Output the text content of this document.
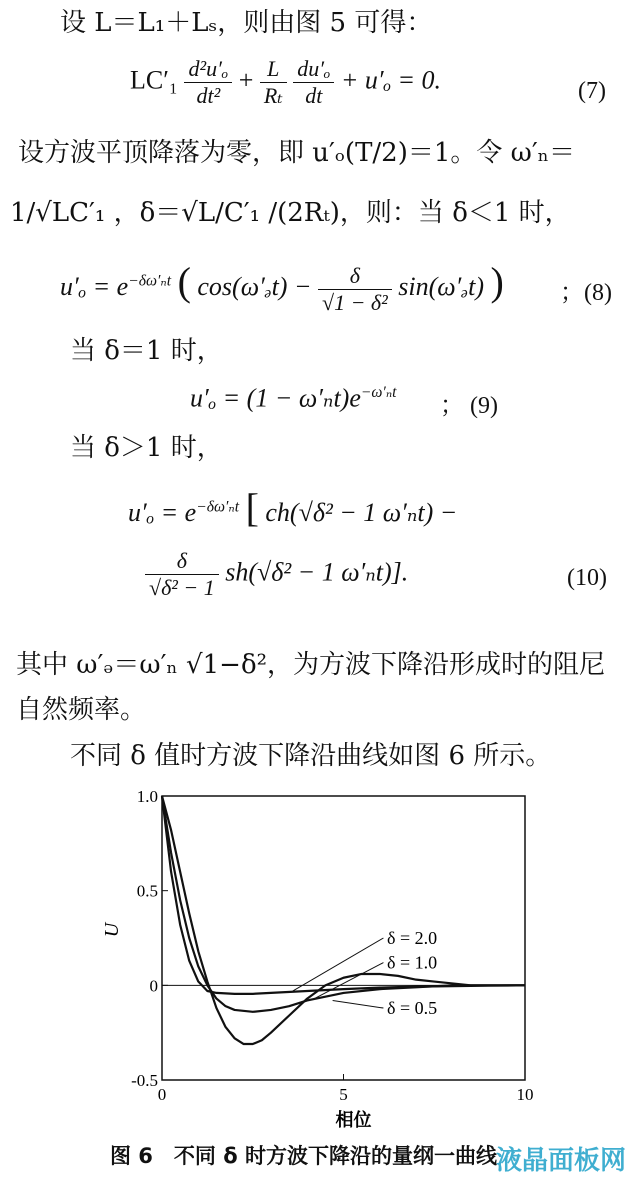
设 L＝L₁＋Lₛ，则由图 5 可得：
$LC'_1 \frac{\text{d²u′ₒ}}{\text{dt²}} + \frac{L}{\text{Rₜ}}$
$\frac{\text{du′ₒ}}{dt} + u'_o = 0$.	(7)
设方波平顶降落为零，即 u′ₒ(T/2)＝1。令 ω′ₙ＝
1/√LC′₁ ，δ＝√L/C′₁ /(2Rₜ)，则：当 δ＜1 时，
$u'_o = e^{-\delta\omega'_nt}$ ( cos(ω′ₔt) − $\frac{\delta}{\text{√1 − δ²}}$ sin(ω′ₔt) ) ；(8)
当 δ＝1 时，
$u'_o = (1 - \omega'_nt)e^{-\omega'_nt}$
； (9)
当 δ＞1 时，
$u'_o = e^{-\delta\omega'_nt}$ [ ch(√δ² − 1 ω′ₙt) −
$\frac{\delta}{\text{√δ² − 1}} sh(√\delta^2 - 1$ ω′ₙt)].	(10)
其中 ω′ₔ＝ω′ₙ √1−δ²，为方波下降沿形成时的阻尼
自然频率。
不同 δ 值时方波下降沿曲线如图 6 所示。
-0.5
0
0.5
1.0
0	5	10
相位
U	δ = 2.0
δ = 1.0
δ = 0.5
图 6　不同 δ 时方波下降沿的量纲一曲线 液晶面板网
